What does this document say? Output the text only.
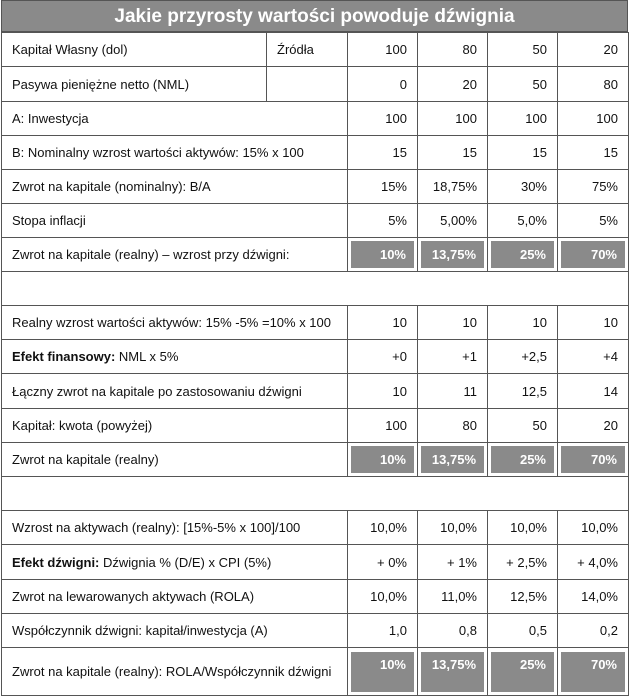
Jakie przyrosty wartości powoduje dźwignia
Kapitał Własny (dol)	Źródła	100	80	50	20
Pasywa pieniężne netto (NML)		0	20	50	80
A: Inwestycja		100	100	100	100
B: Nominalny wzrost wartości aktywów: 15% x 100		15	15	15	15
Zwrot na kapitale (nominalny): B/A		15%	18,75%	30%	75%
Stopa inflacji		5%	5,00%	5,0%	5%
Zwrot na kapitale (realny) – wzrost przy dźwigni:		10%	13,75%	25%	70%

Realny wzrost wartości aktywów: 15% -5% =10% x 100		10	10	10	10
Efekt finansowy: NML x 5%		+0	+1	+2,5	+4
Łączny zwrot na kapitale po zastosowaniu dźwigni		10	11	12,5	14
Kapitał: kwota (powyżej)		100	80	50	20
Zwrot na kapitale (realny)		10%	13,75%	25%	70%

Wzrost na aktywach (realny): [15%-5% x 100]/100		10,0%	10,0%	10,0%	10,0%
Efekt dźwigni: Dźwignia % (D/E) x CPI (5%)		+ 0%	+ 1%	+ 2,5%	+ 4,0%
Zwrot na lewarowanych aktywach (ROLA)		10,0%	11,0%	12,5%	14,0%
Współczynnik dźwigni: kapitał/inwestycja (A)		1,0	0,8	0,5	0,2
Zwrot na kapitale (realny): ROLA/Współczynnik dźwigni		10%	13,75%	25%	70%
